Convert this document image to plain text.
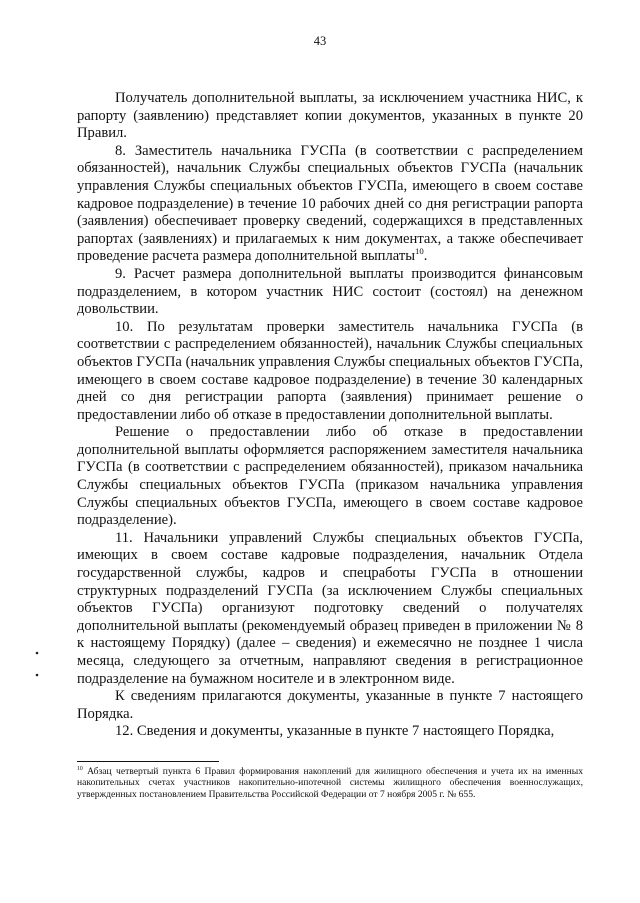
43

Получатель дополнительной выплаты, за исключением участника НИС, к рапорту (заявлению) представляет копии документов, указанных в пункте 20 Правил.

8. Заместитель начальника ГУСПа (в соответствии с распределением обязанностей), начальник Службы специальных объектов ГУСПа (начальник управления Службы специальных объектов ГУСПа, имеющего в своем составе кадровое подразделение) в течение 10 рабочих дней со дня регистрации рапорта (заявления) обеспечивает проверку сведений, содержащихся в представленных рапортах (заявлениях) и прилагаемых к ним документах, а также обеспечивает проведение расчета размера дополнительной выплаты$^{10}$.

9. Расчет размера дополнительной выплаты производится финансовым подразделением, в котором участник НИС состоит (состоял) на денежном довольствии.

10. По результатам проверки заместитель начальника ГУСПа (в соответствии с распределением обязанностей), начальник Службы специальных объектов ГУСПа (начальник управления Службы специальных объектов ГУСПа, имеющего в своем составе кадровое подразделение) в течение 30 календарных дней со дня регистрации рапорта (заявления) принимает решение о предоставлении либо об отказе в предоставлении дополнительной выплаты.

Решение о предоставлении либо об отказе в предоставлении дополнительной выплаты оформляется распоряжением заместителя начальника ГУСПа (в соответствии с распределением обязанностей), приказом начальника Службы специальных объектов ГУСПа (приказом начальника управления Службы специальных объектов ГУСПа, имеющего в своем составе кадровое подразделение).

11. Начальники управлений Службы специальных объектов ГУСПа, имеющих в своем составе кадровые подразделения, начальник Отдела государственной службы, кадров и спецработы ГУСПа в отношении структурных подразделений ГУСПа (за исключением Службы специальных объектов ГУСПа) организуют подготовку сведений о получателях дополнительной выплаты (рекомендуемый образец приведен в приложении № 8 к настоящему Порядку) (далее – сведения) и ежемесячно не позднее 1 числа месяца, следующего за отчетным, направляют сведения в регистрационное подразделение на бумажном носителе и в электронном виде.

К сведениям прилагаются документы, указанные в пункте 7 настоящего Порядка.

12. Сведения и документы, указанные в пункте 7 настоящего Порядка,

$^{10}$ Абзац четвертый пункта 6 Правил формирования накоплений для жилищного обеспечения и учета их на именных накопительных счетах участников накопительно-ипотечной системы жилищного обеспечения военнослужащих, утвержденных постановлением Правительства Российской Федерации от 7 ноября 2005 г. № 655.
